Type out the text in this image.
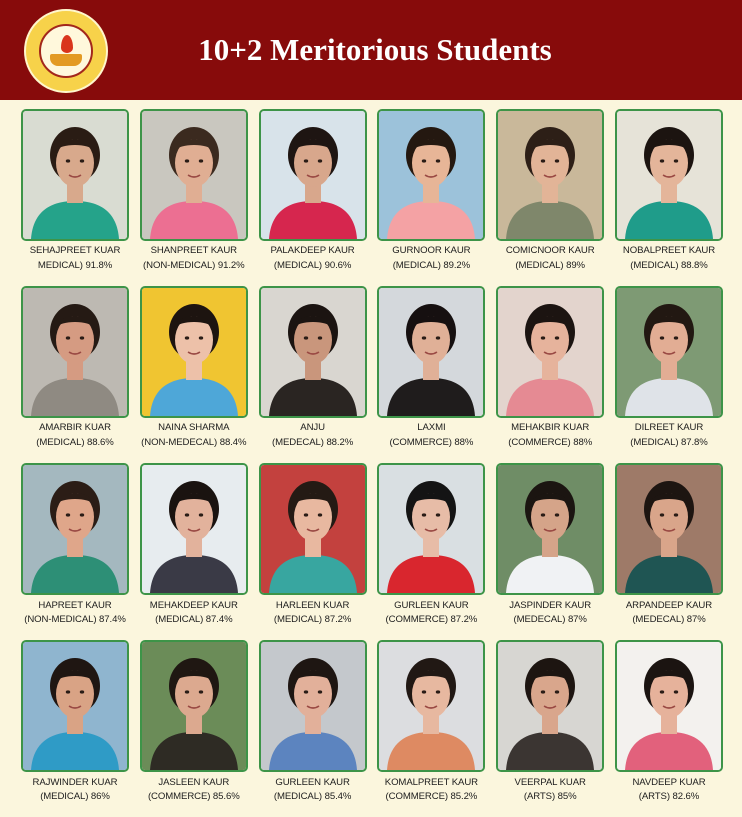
10+2 Meritorious Students
SEHAJPREET KUAR
MEDICAL) 91.8%
SHANPREET KAUR
(NON-MEDICAL) 91.2%
PALAKDEEP KAUR
(MEDICAL) 90.6%
GURNOOR KAUR
(MEDICAL) 89.2%
COMICNOOR KAUR
(MEDICAL) 89%
NOBALPREET KAUR
(MEDICAL) 88.8%
AMARBIR KUAR
(MEDICAL) 88.6%
NAINA SHARMA
(NON-MEDECAL) 88.4%
ANJU
(MEDECAL) 88.2%
LAXMI
(COMMERCE) 88%
MEHAKBIR KUAR
(COMMERCE) 88%
DILREET KAUR
(MEDICAL) 87.8%
HAPREET KAUR
(NON-MEDICAL) 87.4%
MEHAKDEEP KAUR
(MEDICAL) 87.4%
HARLEEN KUAR
(MEDICAL) 87.2%
GURLEEN KAUR
(COMMERCE) 87.2%
JASPINDER KAUR
(MEDECAL) 87%
ARPANDEEP KAUR
(MEDECAL) 87%
RAJWINDER KUAR
(MEDICAL) 86%
JASLEEN KAUR
(COMMERCE) 85.6%
GURLEEN KAUR
(MEDICAL) 85.4%
KOMALPREET KAUR
(COMMERCE) 85.2%
VEERPAL KUAR
(ARTS) 85%
NAVDEEP KUAR
(ARTS) 82.6%
